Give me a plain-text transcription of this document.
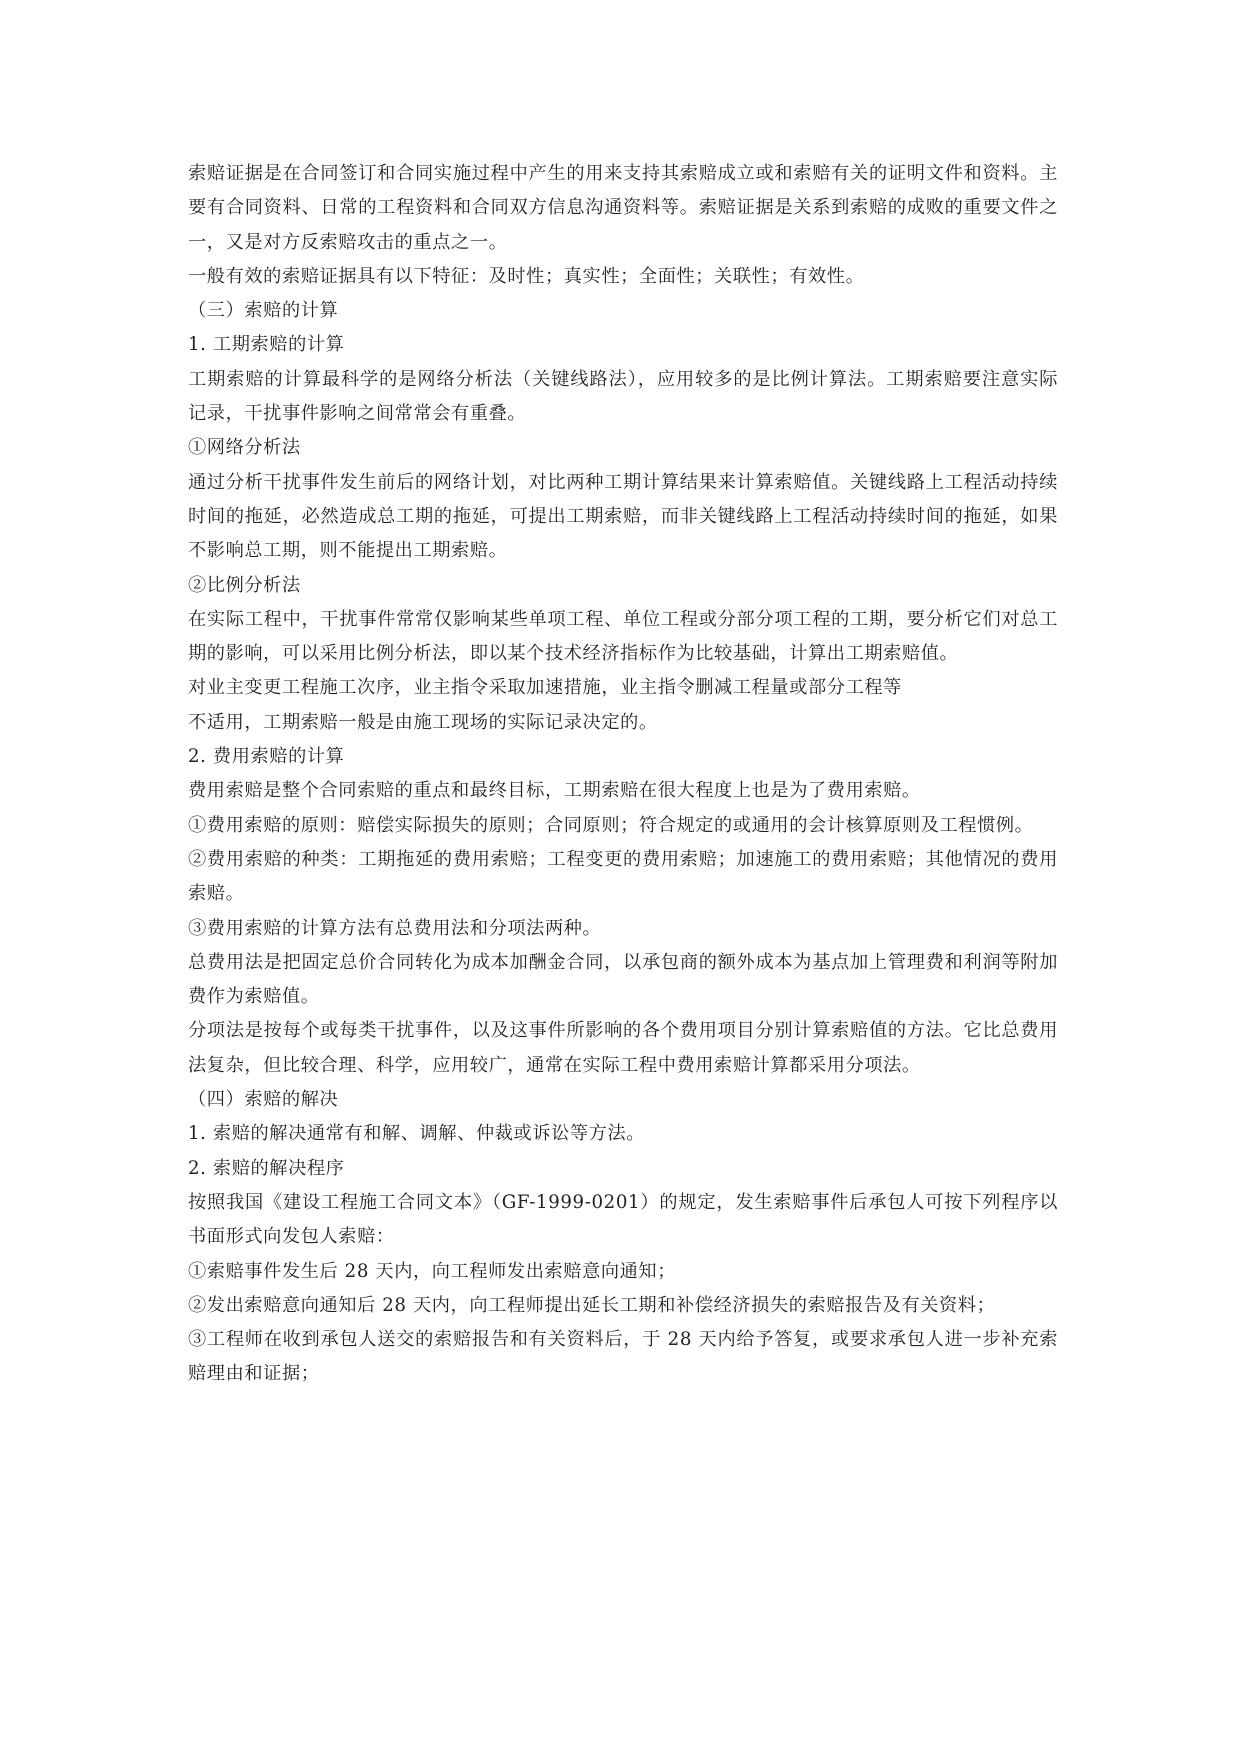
索赔证据是在合同签订和合同实施过程中产生的用来支持其索赔成立或和索赔有关的证明文件和资料。主要有合同资料、日常的工程资料和合同双方信息沟通资料等。索赔证据是关系到索赔的成败的重要文件之一，又是对方反索赔攻击的重点之一。

一般有效的索赔证据具有以下特征：及时性；真实性；全面性；关联性；有效性。

（三）索赔的计算

1. 工期索赔的计算

工期索赔的计算最科学的是网络分析法（关键线路法），应用较多的是比例计算法。工期索赔要注意实际记录，干扰事件影响之间常常会有重叠。

①网络分析法

通过分析干扰事件发生前后的网络计划，对比两种工期计算结果来计算索赔值。关键线路上工程活动持续时间的拖延，必然造成总工期的拖延，可提出工期索赔，而非关键线路上工程活动持续时间的拖延，如果不影响总工期，则不能提出工期索赔。

②比例分析法

在实际工程中，干扰事件常常仅影响某些单项工程、单位工程或分部分项工程的工期，要分析它们对总工期的影响，可以采用比例分析法，即以某个技术经济指标作为比较基础，计算出工期索赔值。

对业主变更工程施工次序，业主指令采取加速措施，业主指令删减工程量或部分工程等

不适用，工期索赔一般是由施工现场的实际记录决定的。

2. 费用索赔的计算

费用索赔是整个合同索赔的重点和最终目标，工期索赔在很大程度上也是为了费用索赔。

①费用索赔的原则：赔偿实际损失的原则；合同原则；符合规定的或通用的会计核算原则及工程惯例。

②费用索赔的种类：工期拖延的费用索赔；工程变更的费用索赔；加速施工的费用索赔；其他情况的费用索赔。

③费用索赔的计算方法有总费用法和分项法两种。

总费用法是把固定总价合同转化为成本加酬金合同，以承包商的额外成本为基点加上管理费和利润等附加费作为索赔值。

分项法是按每个或每类干扰事件，以及这事件所影响的各个费用项目分别计算索赔值的方法。它比总费用法复杂，但比较合理、科学，应用较广，通常在实际工程中费用索赔计算都采用分项法。

（四）索赔的解决

1. 索赔的解决通常有和解、调解、仲裁或诉讼等方法。

2. 索赔的解决程序

按照我国《建设工程施工合同文本》（GF-1999-0201）的规定，发生索赔事件后承包人可按下列程序以书面形式向发包人索赔：

①索赔事件发生后 28 天内，向工程师发出索赔意向通知；

②发出索赔意向通知后 28 天内，向工程师提出延长工期和补偿经济损失的索赔报告及有关资料；

③工程师在收到承包人送交的索赔报告和有关资料后，于 28 天内给予答复，或要求承包人进一步补充索赔理由和证据；
